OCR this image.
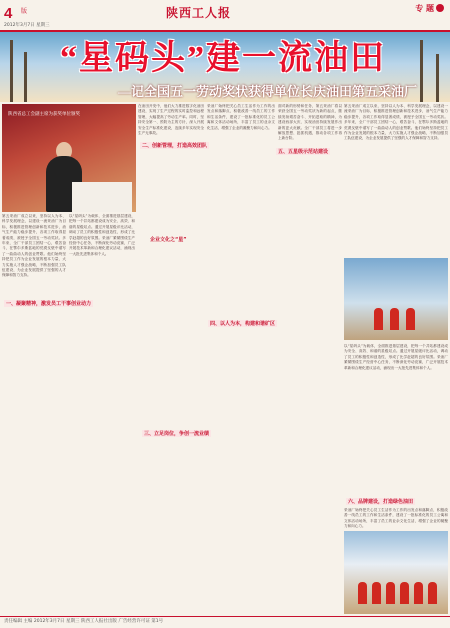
4 版
2012年3月7日 星期三
陕西工人报	专 题
“星码头”建一流油田
—记全国五一劳动奖状获得单位长庆油田第五采油厂
陕西省总工会副主席为获奖单位颁奖
第五采油厂成立以来，坚持以人为本、科学发展理念，以建设一流采油厂为目标，积极推进管理创新和技术进步，油气生产能力稳步提升，各项工作取得显著成绩，被授予全国五一劳动奖状。多年来，全厂干部员工团结一心，艰苦奋斗，在鄂尔多斯盆地的荒漠戈壁中谱写了一曲曲动人的创业赞歌。他们始终坚持把员工作为企业发展的根本力量，大力实施人才强企战略，不断加强员工队伍建设，为企业发展提供了坚强的人才保障和智力支持。
以“星码头”为载体，全面推进基层建设，把每一个井站都建设成为安全、高效、和谐的星级站点。通过开展星级评比活动，调动了员工的积极性和创造性，形成了比学赶超的良好氛围。采油厂紧紧围绕生产经营中心任务，不断深化劳动竞赛，广泛开展技术革新和合理化建议活动，涌现出一大批先进集体和个人。
一、凝聚精神，激发员工干事创业动力
在油田开发中，他们大力推进数字化油田建设，实现了生产过程的实时监控和远程管理，大幅提高了劳动生产率。同时，坚持安全第一、预防为主的方针，深入开展安全生产标准化建设，连续多年实现安全生产无事故。
二、创新管理，打造高效团队
企业文化之“星”
三、立足岗位，争创一流业绩
采油厂始终把关心员工生活作为工作的出发点和落脚点，积极改善一线员工的工作和生活条件，建设了一批标准化的员工公寓和文体活动场所，丰富了员工的业余文化生活，增强了企业的凝聚力和向心力。
四、以人为本，构建和谐矿区
面对新的形势和任务，第五采油厂将以荣获全国五一劳动奖状为新的起点，继续发扬艰苦奋斗、开拓进取的精神，为建设西部大庆、实现油田持续发展作出新的更大贡献。全厂干部员工将进一步解放思想、抢抓机遇，推动各项工作再上新台阶。
五、五星级示范站建设
第五采油厂成立以来，坚持以人为本、科学发展理念，以建设一流采油厂为目标，积极推进管理创新和技术进步，油气生产能力稳步提升，各项工作取得显著成绩，被授予全国五一劳动奖状。多年来，全厂干部员工团结一心，艰苦奋斗，在鄂尔多斯盆地的荒漠戈壁中谱写了一曲曲动人的创业赞歌。他们始终坚持把员工作为企业发展的根本力量，大力实施人才强企战略，不断加强员工队伍建设，为企业发展提供了坚强的人才保障和智力支持。
以“星码头”为载体，全面推进基层建设，把每一个井站都建设成为安全、高效、和谐的星级站点。通过开展星级评比活动，调动了员工的积极性和创造性，形成了比学赶超的良好氛围。采油厂紧紧围绕生产经营中心任务，不断深化劳动竞赛，广泛开展技术革新和合理化建议活动，涌现出一大批先进集体和个人。
六、品牌建设，打造绿色油田
采油厂始终把关心员工生活作为工作的出发点和落脚点，积极改善一线员工的工作和生活条件，建设了一批标准化的员工公寓和文体活动场所，丰富了员工的业余文化生活，增强了企业的凝聚力和向心力。
责任编辑 主编 2012年3月7日 星期三 陕西工人报社出版 广告经营许可证 第1号
